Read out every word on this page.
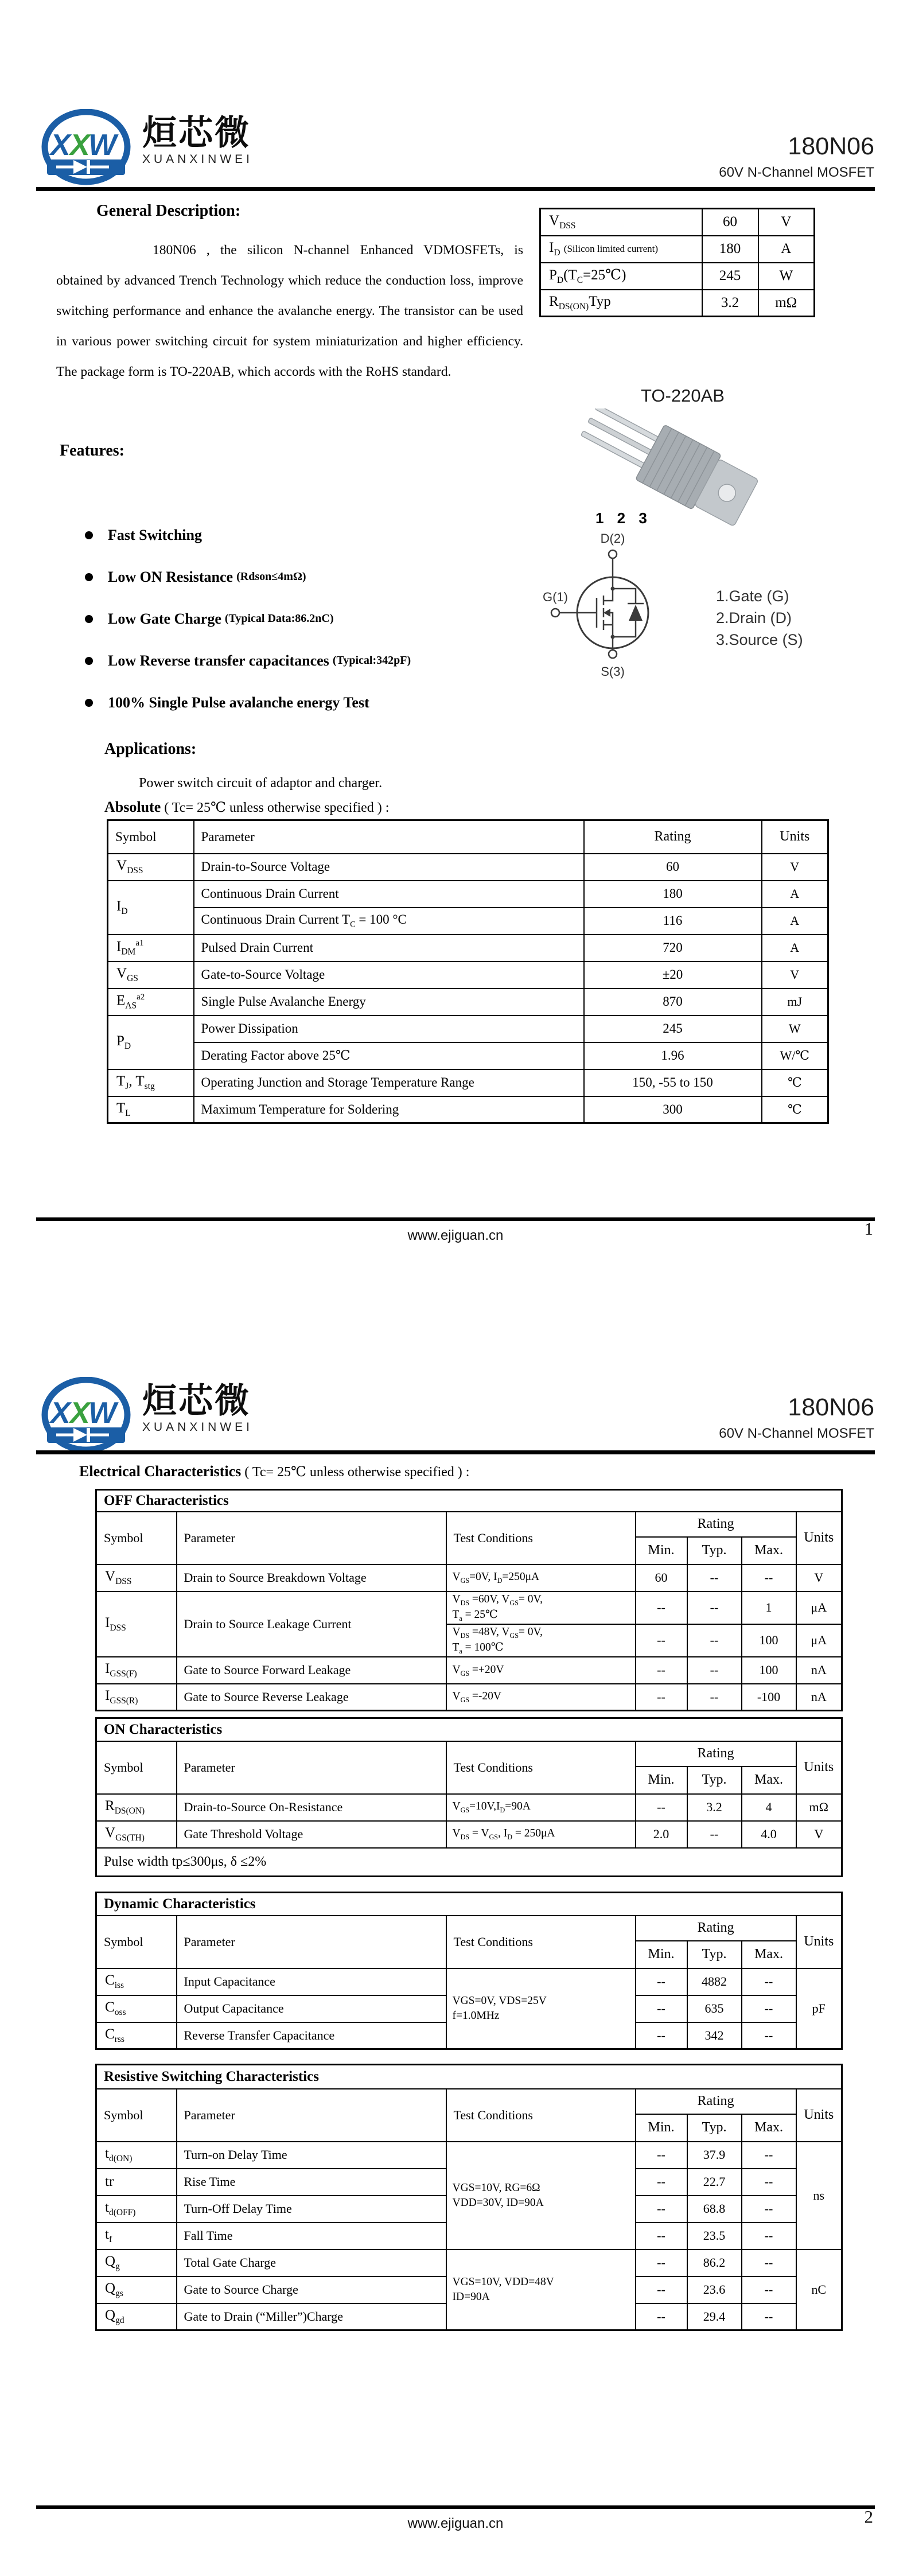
X X
W 烜芯微
XUANXINWEI	180N06
60V N-Channel MOSFET
General Description:
180N06 , the silicon N-channel Enhanced VDMOSFETs, is obtained by advanced Trench Technology which reduce the conduction loss, improve switching performance and enhance the avalanche energy. The transistor can be used in various power switching circuit for system miniaturization and higher efficiency. The package form is TO-220AB, which accords with the RoHS standard.
$V_{DSS}$	60	V
$I_D$ (Silicon limited current)	180	A
$P_D(T_C=25℃)$	245	W
$R_{DS(ON)}Typ$	3.2	mΩ
TO-220AB
1 2 3
Features:
Fast Switching
Low ON Resistance (Rdson≤4mΩ)
Low Gate Charge (Typical Data:86.2nC)
Low Reverse transfer capacitances (Typical:342pF)
100% Single Pulse avalanche energy Test
D(2)
G(1)
S(3)
1.Gate (G)
2.Drain (D)
3.Source (S)
Applications:
Power switch circuit of adaptor and charger.
Absolute ( Tc= 25℃ unless otherwise specified ) :
Symbol	Parameter	Rating	Units
$V_{DSS}$	Drain-to-Source Voltage	60	V
$I_D$	Continuous Drain Current	180	A
	Continuous Drain Current $T_C = 100$ °C	116	A
$I_{DM}^{a1}$	Pulsed Drain Current	720	A
$V_{GS}$	Gate-to-Source Voltage	±20	V
$E_{AS}^{a2}$	Single Pulse Avalanche Energy	870	mJ
$P_D$	Power Dissipation	245	W
	Derating Factor above 25℃	1.96	W/℃
$T_J$, $T_{stg}$	Operating Junction and Storage Temperature Range	150, -55 to 150	℃
$T_L$	Maximum Temperature for Soldering	300	℃
www.ejiguan.cn	1
X X
W 烜芯微
XUANXINWEI
180N06
60V N-Channel MOSFET
Electrical Characteristics ( Tc= 25℃ unless otherwise specified ) :
OFF Characteristics						
Symbol	Parameter	Test Conditions	Rating			Units
			Min.	Typ.	Max.	
$V_{DSS}$	Drain to Source Breakdown Voltage	$V_{GS}=0V$, $I_D=250\mu A$	60	--	--	V
$I_{DSS}$	Drain to Source Leakage Current	$V_{DS} =60V$, $V_{GS}= 0V$,
$T_a$ = 25℃	--	--	1	μA

		$V_{DS} =48V$, $V_{GS}= 0V$,
$T_a$ = 100℃	--	--	100	μA
$I_{GSS(F)}$	Gate to Source Forward Leakage	$V_{GS} =+20V$	--	--	100	nA
$I_{GSS(R)}$	Gate to Source Reverse Leakage	$V_{GS} =-20V$	--	--	-100	nA
ON Characteristics						
Symbol	Parameter	Test Conditions	Rating			Units
			Min.	Typ.	Max.	
$R_{DS(ON)}$	Drain-to-Source On-Resistance	$V_{GS}=10V,I_D=90A$	--	3.2	4	mΩ
$V_{GS(TH)}$	Gate Threshold Voltage	$V_{DS} = V_{GS}$, $I_D = 250\mu A$	2.0	--	4.0	V
Pulse width tp≤300μs, δ ≤2%						
Dynamic Characteristics						
Symbol	Parameter	Test Conditions	Rating			Units
			Min.	Typ.	Max.	
$C_{iss}$	Input Capacitance	VGS=0V, VDS=25V
f=1.0MHz	--	4882	--	pF
$C_{oss}$	Output Capacitance		--	635	--	
$C_{rss}$	Reverse Transfer Capacitance		--	342	--	
Resistive Switching Characteristics						
Symbol	Parameter	Test Conditions	Rating			Units
			Min.	Typ.	Max.	
$t_{d(ON)}$	Turn-on Delay Time	VGS=10V, RG=6Ω
VDD=30V, ID=90A	--	37.9	--	ns
tr	Rise Time		--	22.7	--	
$t_{d(OFF)}$	Turn-Off Delay Time		--	68.8	--	
$t_f$	Fall Time		--	23.5	--	
$Q_g$	Total Gate Charge	VGS=10V, VDD=48V
ID=90A	--	86.2	--	nC
$Q_{gs}$	Gate to Source Charge		--	23.6	--	
$Q_{gd}$	Gate to Drain (“Miller”)Charge		--	29.4	--	
www.ejiguan.cn	2
